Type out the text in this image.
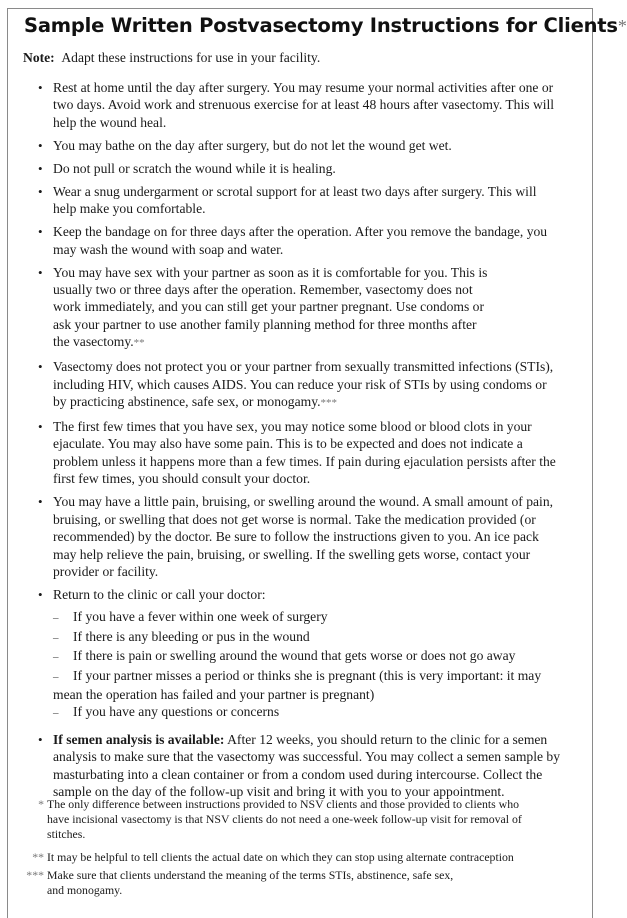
Sample Written Postvasectomy Instructions for Clients*
Note: Adapt these instructions for use in your facility.
• Rest at home until the day after surgery. You may resume your normal activities after one or two days. Avoid work and strenuous exercise for at least 48 hours after vasectomy. This will help the wound heal.
• You may bathe on the day after surgery, but do not let the wound get wet.
• Do not pull or scratch the wound while it is healing.
• Wear a snug undergarment or scrotal support for at least two days after surgery. This will help make you comfortable.
• Keep the bandage on for three days after the operation. After you remove the bandage, you may wash the wound with soap and water.
• You may have sex with your partner as soon as it is comfortable for you. This is usually two or three days after the operation. Remember, vasectomy does not work immediately, and you can still get your partner pregnant. Use condoms or ask your partner to use another family planning method for three months after the vasectomy.**
• Vasectomy does not protect you or your partner from sexually transmitted infections (STIs), including HIV, which causes AIDS. You can reduce your risk of STIs by using condoms or by practicing abstinence, safe sex, or monogamy.***
• The first few times that you have sex, you may notice some blood or blood clots in your ejaculate. You may also have some pain. This is to be expected and does not indicate a problem unless it happens more than a few times. If pain during ejaculation persists after the first few times, you should consult your doctor.
• You may have a little pain, bruising, or swelling around the wound. A small amount of pain, bruising, or swelling that does not get worse is normal. Take the medication provided (or recommended) by the doctor. Be sure to follow the instructions given to you. An ice pack may help relieve the pain, bruising, or swelling. If the swelling gets worse, contact your provider or facility.
• Return to the clinic or call your doctor:
– If you have a fever within one week of surgery
– If there is any bleeding or pus in the wound
– If there is pain or swelling around the wound that gets worse or does not go away
– If your partner misses a period or thinks she is pregnant (this is very important: it may mean the operation has failed and your partner is pregnant)
– If you have any questions or concerns
• If semen analysis is available: After 12 weeks, you should return to the clinic for a semen analysis to make sure that the vasectomy was successful. You may collect a semen sample by masturbating into a clean container or from a condom used during intercourse. Collect the sample on the day of the follow-up visit and bring it with you to your appointment.
* The only difference between instructions provided to NSV clients and those provided to clients who have incisional vasectomy is that NSV clients do not need a one-week follow-up visit for removal of stitches.
** It may be helpful to tell clients the actual date on which they can stop using alternate contraception
*** Make sure that clients understand the meaning of the terms STIs, abstinence, safe sex, and monogamy.
